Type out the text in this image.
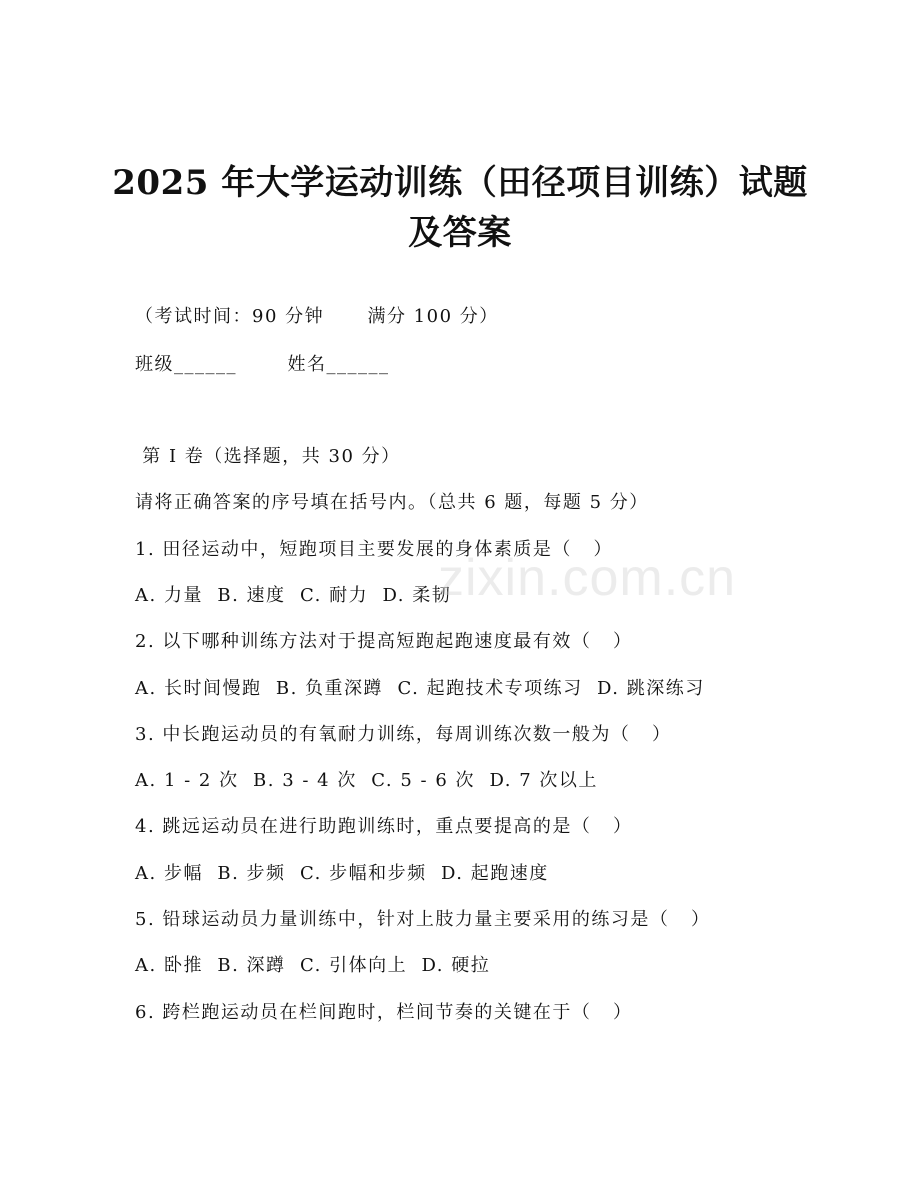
2025 年大学运动训练（田径项目训练）试题
及答案
（考试时间：90 分钟      满分 100 分）
班级______       姓名______
第 I 卷（选择题，共 30 分）
请将正确答案的序号填在括号内。（总共 6 题，每题 5 分）
1. 田径运动中，短跑项目主要发展的身体素质是（   ）
A. 力量  B. 速度  C. 耐力  D. 柔韧
2. 以下哪种训练方法对于提高短跑起跑速度最有效（   ）
A. 长时间慢跑  B. 负重深蹲  C. 起跑技术专项练习  D. 跳深练习
3. 中长跑运动员的有氧耐力训练，每周训练次数一般为（   ）
A. 1 - 2 次  B. 3 - 4 次  C. 5 - 6 次  D. 7 次以上
4. 跳远运动员在进行助跑训练时，重点要提高的是（   ）
A. 步幅  B. 步频  C. 步幅和步频  D. 起跑速度
5. 铅球运动员力量训练中，针对上肢力量主要采用的练习是（   ）
A. 卧推  B. 深蹲  C. 引体向上  D. 硬拉
6. 跨栏跑运动员在栏间跑时，栏间节奏的关键在于（   ）
zixin.com.cn
